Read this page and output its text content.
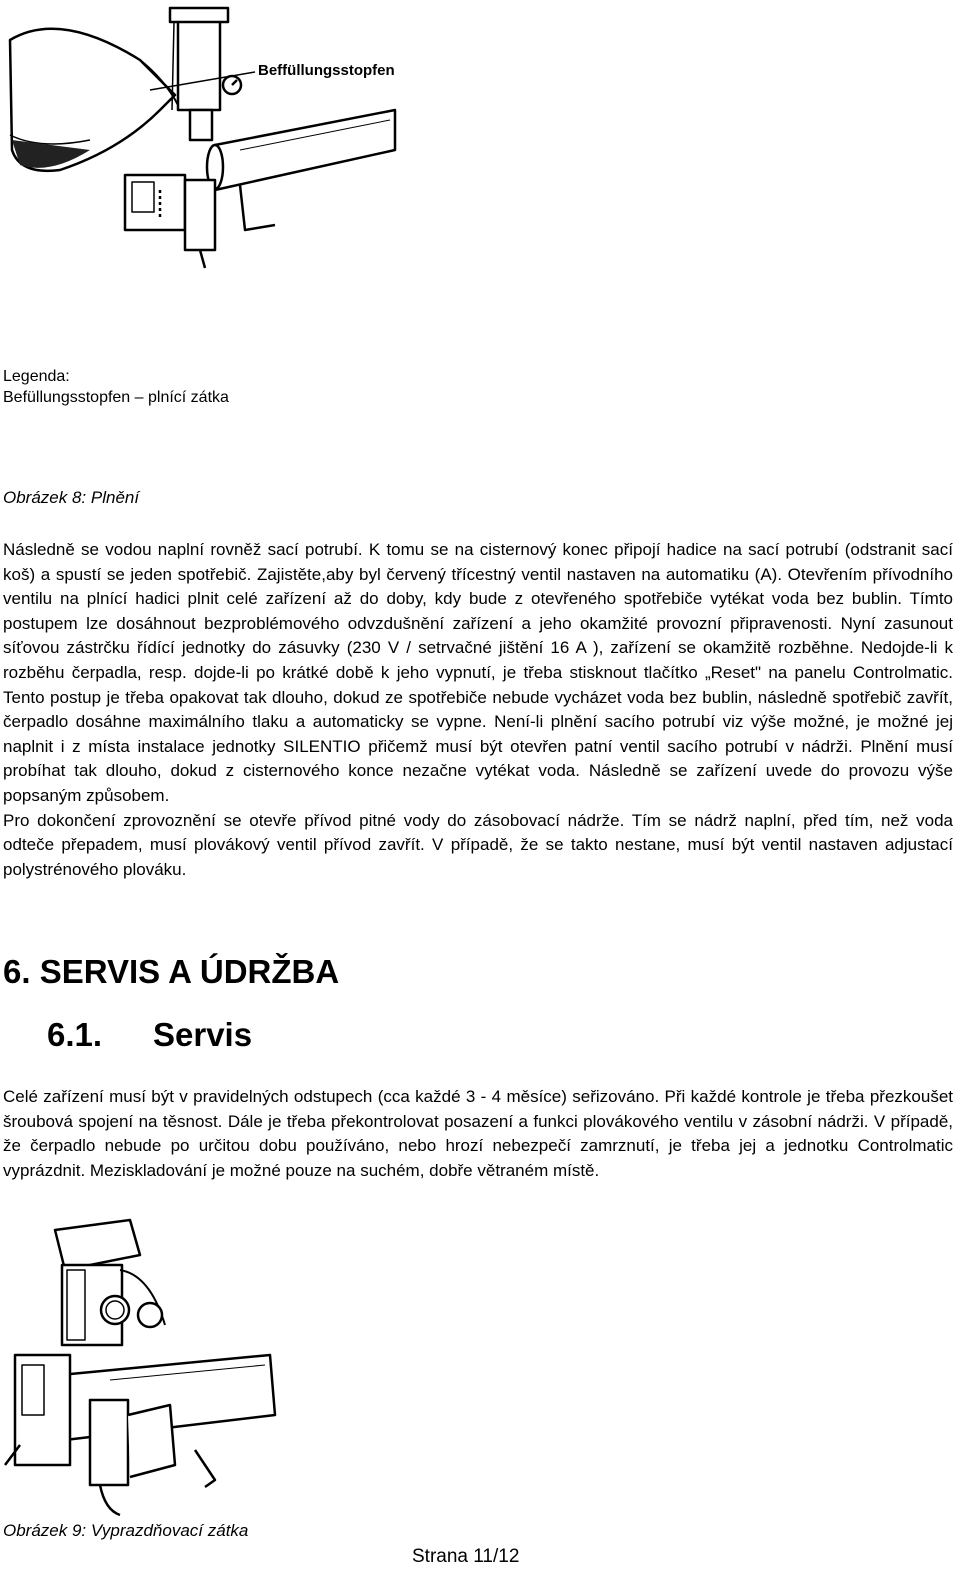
Beffüllungsstopfen
Legenda:
Befüllungsstopfen – plnící zátka
Obrázek 8: Plnění

Následně se vodou naplní rovněž sací potrubí. K tomu se na cisternový konec připojí hadice na sací potrubí (odstranit sací koš) a spustí se jeden spotřebič. Zajistěte,aby byl červený třícestný ventil nastaven na automatiku (A). Otevřením přívodního ventilu na plnící hadici plnit celé zařízení až do doby, kdy bude z otevřeného spotřebiče vytékat voda bez bublin. Tímto postupem lze dosáhnout bezproblémového odvzdušnění zařízení a jeho okamžité provozní připravenosti. Nyní zasunout síťovou zástrčku řídící jednotky do zásuvky (230 V / setrvačné jištění 16 A ), zařízení se okamžitě rozběhne. Nedojde-li k rozběhu čerpadla, resp. dojde-li po krátké době k jeho vypnutí, je třeba stisknout tlačítko „Reset" na panelu Controlmatic. Tento postup je třeba opakovat tak dlouho, dokud ze spotřebiče nebude vycházet voda bez bublin, následně spotřebič zavřít, čerpadlo dosáhne maximálního tlaku a automaticky se vypne. Není-li plnění sacího potrubí viz výše možné, je možné jej naplnit i z místa instalace jednotky SILENTIO přičemž musí být otevřen patní ventil sacího potrubí v nádrži. Plnění musí probíhat tak dlouho, dokud z cisternového konce nezačne vytékat voda. Následně se zařízení uvede do provozu výše popsaným způsobem.

Pro dokončení zprovoznění se otevře přívod pitné vody do zásobovací nádrže. Tím se nádrž naplní, před tím, než voda odteče přepadem, musí plovákový ventil přívod zavřít. V případě, že se takto nestane, musí být ventil nastaven adjustací polystrénového plováku.

6. SERVIS A ÚDRŽBA
6.1. Servis

Celé zařízení musí být v pravidelných odstupech (cca každé 3 - 4 měsíce) seřizováno. Při každé kontrole je třeba přezkoušet šroubová spojení na těsnost. Dále je třeba překontrolovat posazení a funkci plovákového ventilu v zásobní nádrži. V případě, že čerpadlo nebude po určitou dobu používáno, nebo hrozí nebezpečí zamrznutí, je třeba jej a jednotku Controlmatic vyprázdnit. Meziskladování je možné pouze na suchém, dobře větraném místě.

Obrázek 9: Vyprazdňovací zátka
Strana 11/12
